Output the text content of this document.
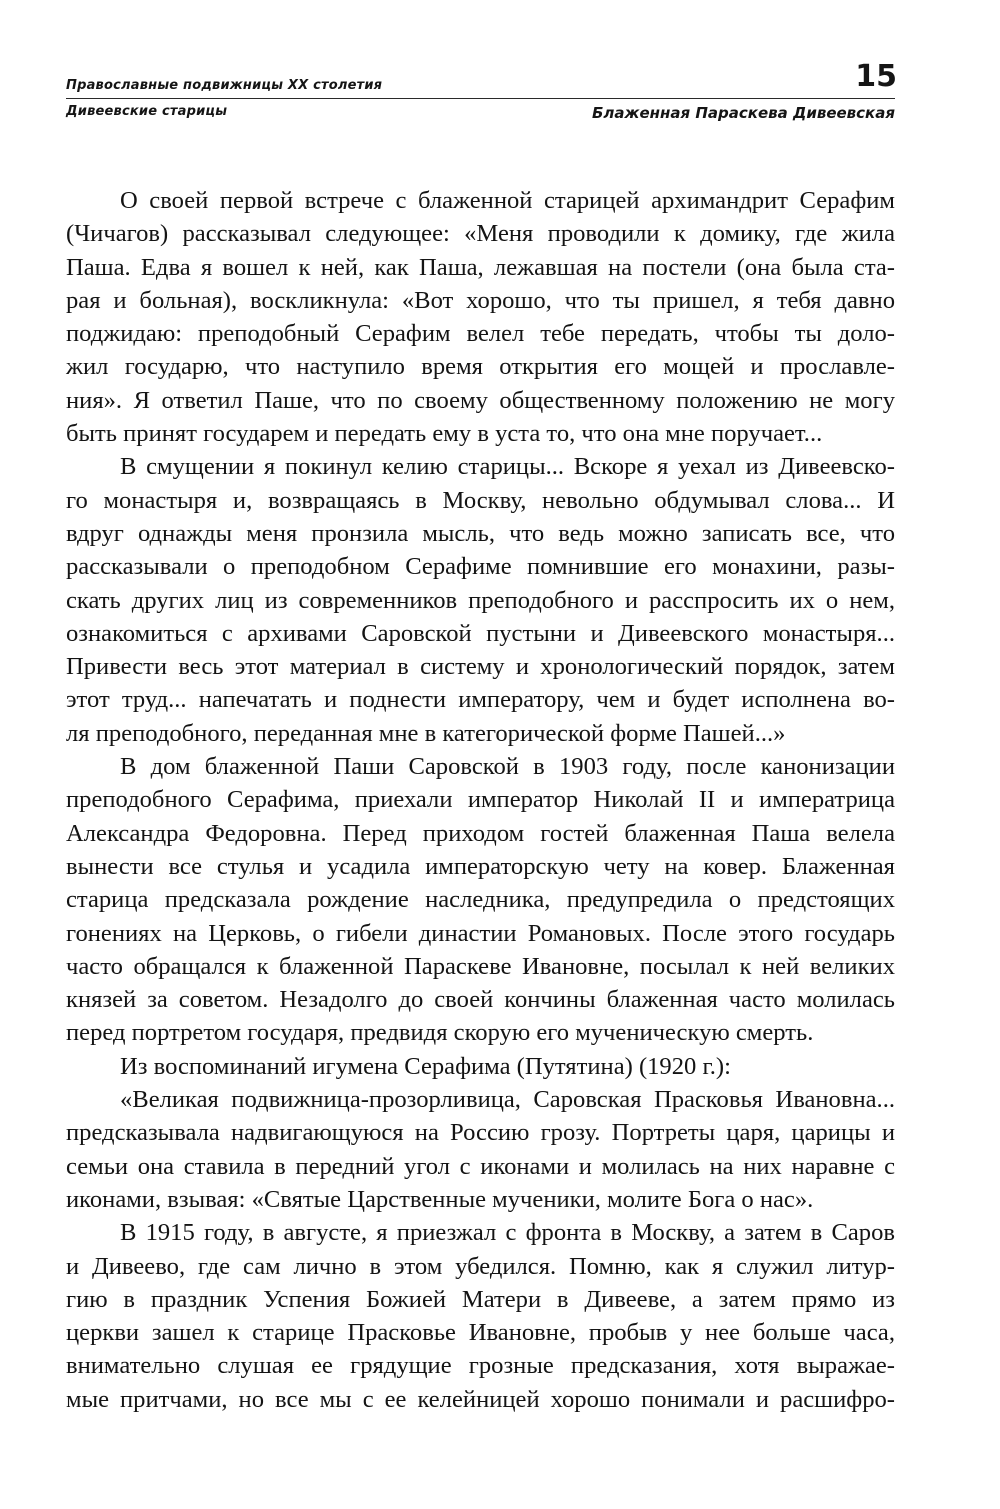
Православные подвижницы XX столетия	15
Дивеевские старицы	Блаженная Параскева Дивеевская
О своей первой встрече с блаженной старицей архимандрит Серафим
(Чичагов) рассказывал следующее: «Меня проводили к домику, где жила
Паша. Едва я вошел к ней, как Паша, лежавшая на постели (она была ста-
рая и больная), воскликнула: «Вот хорошо, что ты пришел, я тебя давно
поджидаю: преподобный Серафим велел тебе передать, чтобы ты доло-
жил государю, что наступило время открытия его мощей и прославле-
ния». Я ответил Паше, что по своему общественному положению не могу
быть принят государем и передать ему в уста то, что она мне поручает...
В смущении я покинул келию старицы... Вскоре я уехал из Дивеевско-
го монастыря и, возвращаясь в Москву, невольно обдумывал слова... И
вдруг однажды меня пронзила мысль, что ведь можно записать все, что
рассказывали о преподобном Серафиме помнившие его монахини, разы-
скать других лиц из современников преподобного и расспросить их о нем,
ознакомиться с архивами Саровской пустыни и Дивеевского монастыря...
Привести весь этот материал в систему и хронологический порядок, затем
этот труд... напечатать и поднести императору, чем и будет исполнена во-
ля преподобного, переданная мне в категорической форме Пашей...»
В дом блаженной Паши Саровской в 1903 году, после канонизации
преподобного Серафима, приехали император Николай II и императрица
Александра Федоровна. Перед приходом гостей блаженная Паша велела
вынести все стулья и усадила императорскую чету на ковер. Блаженная
старица предсказала рождение наследника, предупредила о предстоящих
гонениях на Церковь, о гибели династии Романовых. После этого государь
часто обращался к блаженной Параскеве Ивановне, посылал к ней великих
князей за советом. Незадолго до своей кончины блаженная часто молилась
перед портретом государя, предвидя скорую его мученическую смерть.
Из воспоминаний игумена Серафима (Путятина) (1920 г.):
«Великая подвижница-прозорливица, Саровская Прасковья Ивановна...
предсказывала надвигающуюся на Россию грозу. Портреты царя, царицы и
семьи она ставила в передний угол с иконами и молилась на них наравне с
иконами, взывая: «Святые Царственные мученики, молите Бога о нас».
В 1915 году, в августе, я приезжал с фронта в Москву, а затем в Саров
и Дивеево, где сам лично в этом убедился. Помню, как я служил литур-
гию в праздник Успения Божией Матери в Дивееве, а затем прямо из
церкви зашел к старице Прасковье Ивановне, пробыв у нее больше часа,
внимательно слушая ее грядущие грозные предсказания, хотя выражае-
мые притчами, но все мы с ее келейницей хорошо понимали и расшифро-
